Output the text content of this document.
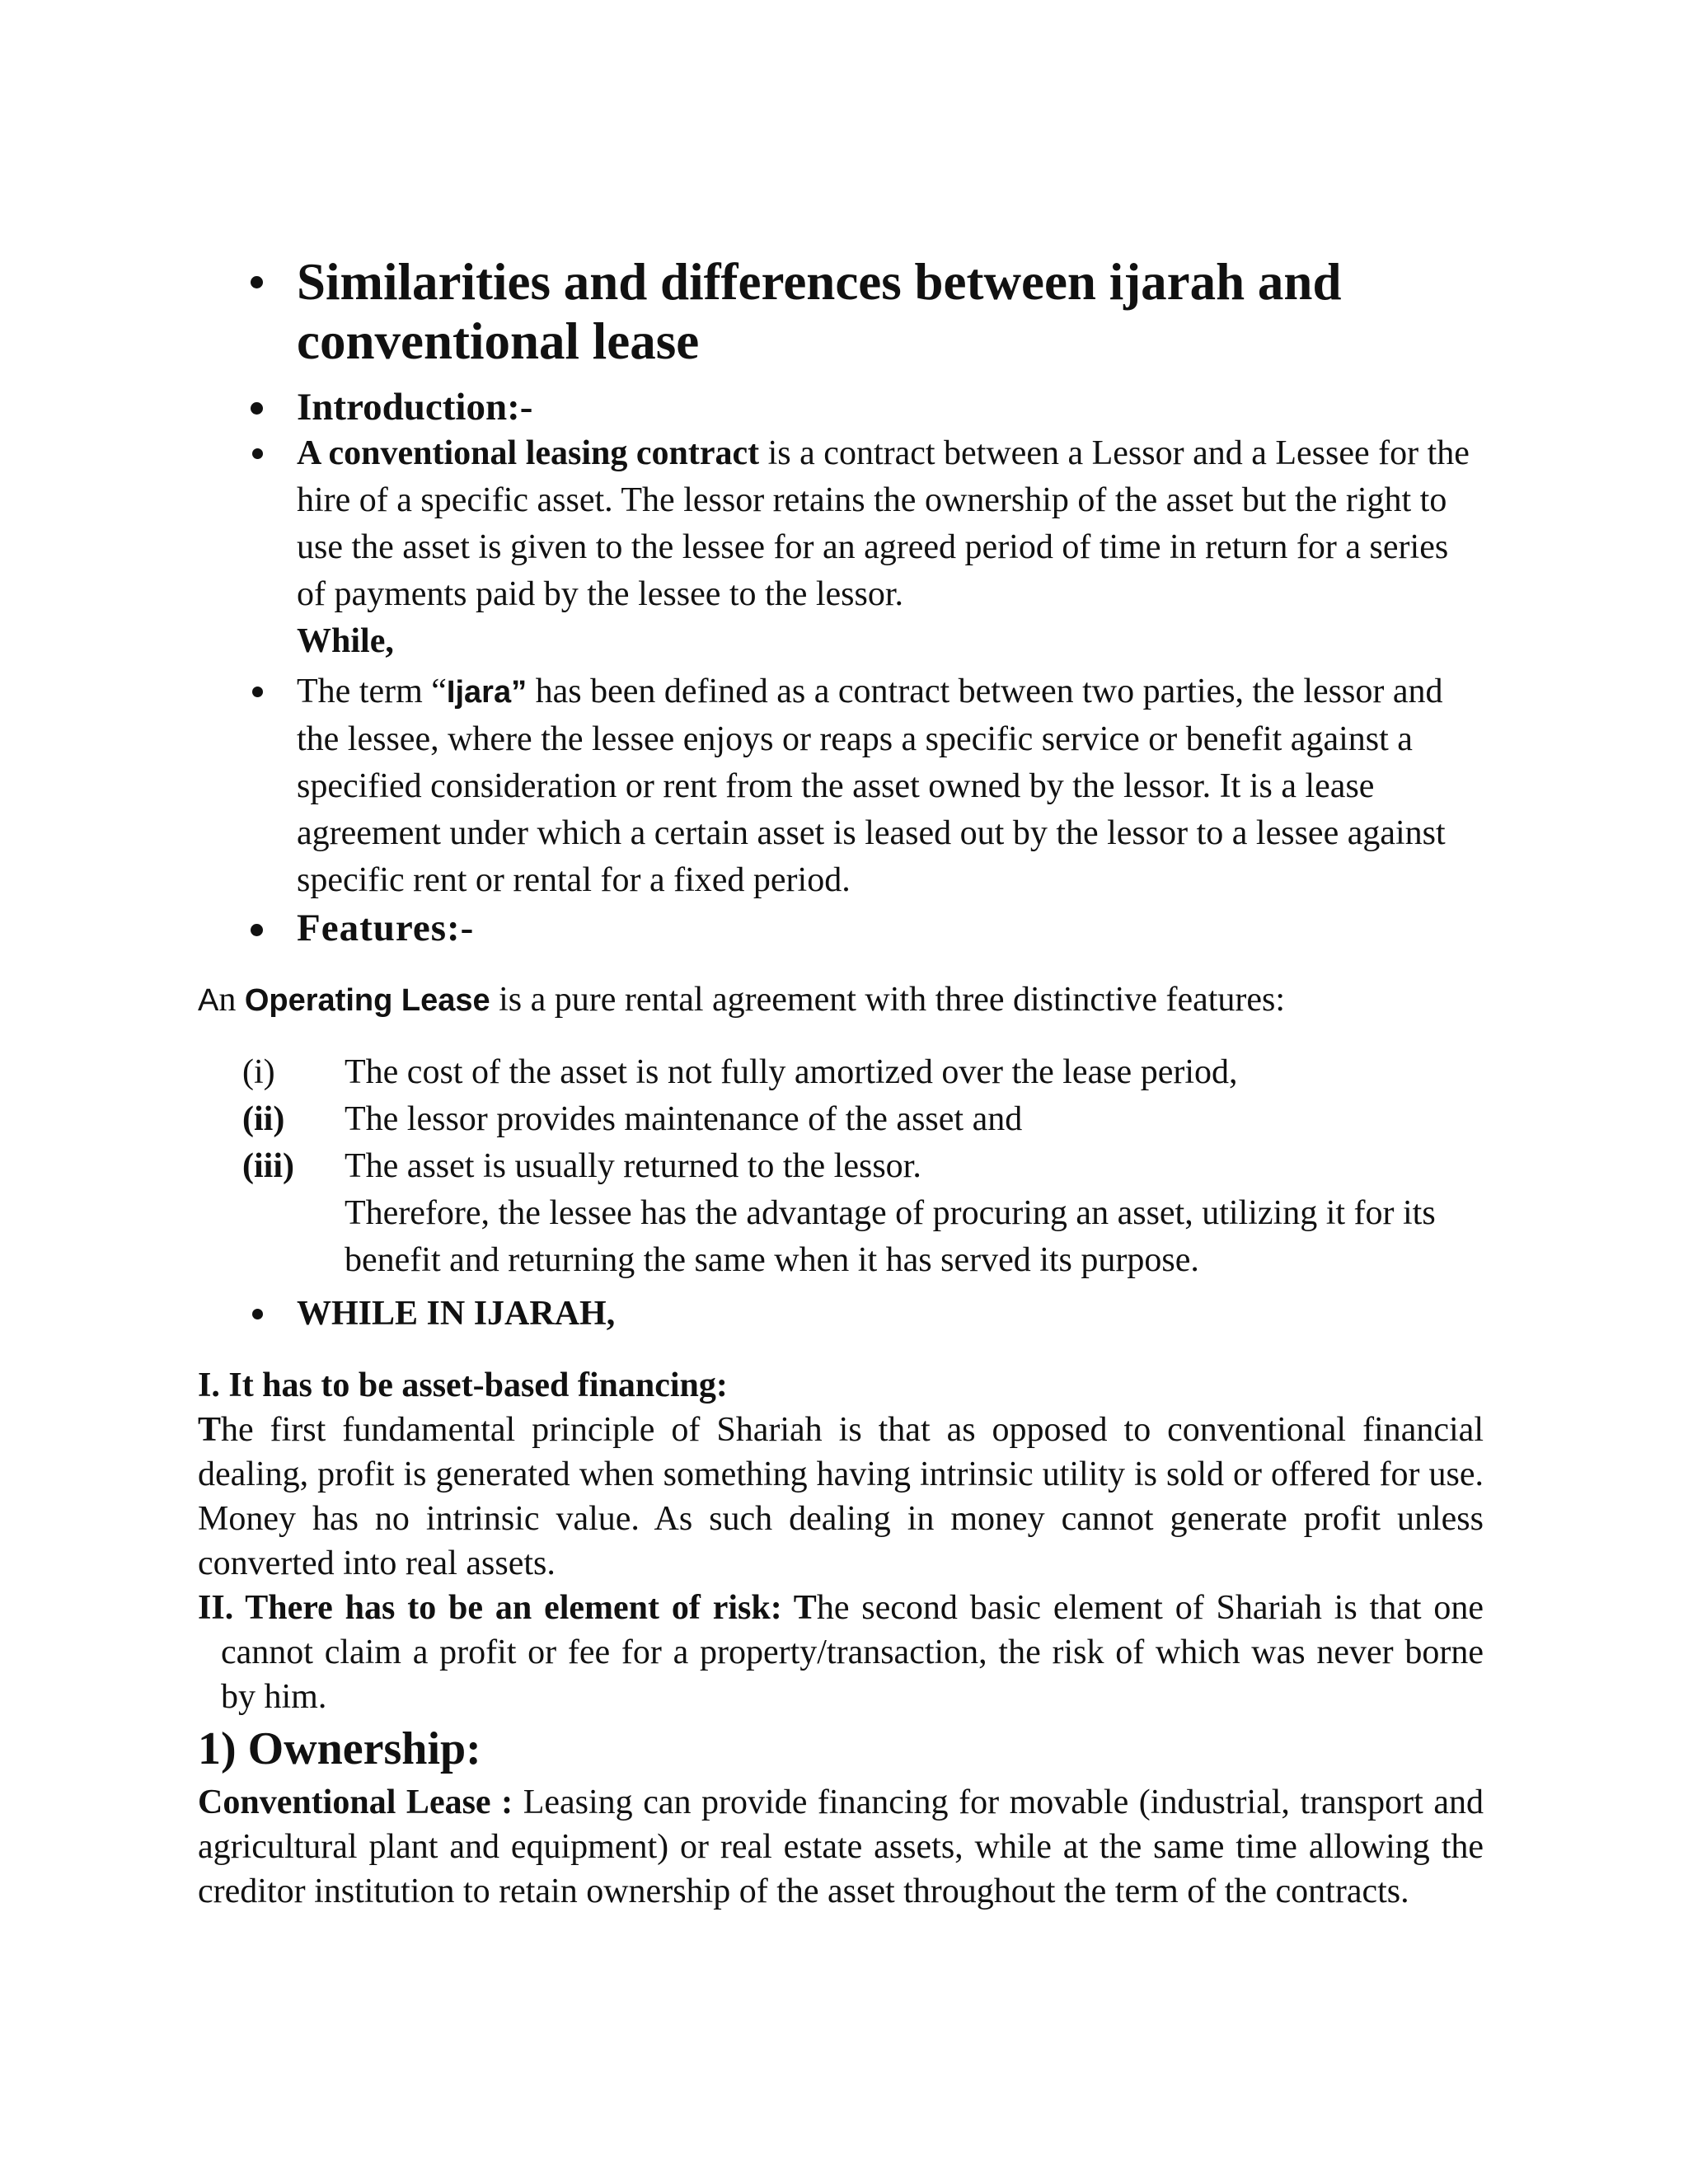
Similarities and differences between ijarah and
conventional lease
Introduction:-
A conventional leasing contract is a contract between a Lessor and a Lessee for the hire of a specific asset. The lessor retains the ownership of the asset but the right to use the asset is given to the lessee for an agreed period of time in return for a series of payments paid by the lessee to the lessor.
While,
The term “Ijara” has been defined as a contract between two parties, the lessor and the lessee, where the lessee enjoys or reaps a specific service or benefit against a specified consideration or rent from the asset owned by the lessor. It is a lease agreement under which a certain asset is leased out by the lessor to a lessee against specific rent or rental for a fixed period.
Features:-

An Operating Lease is a pure rental agreement with three distinctive features:

(i) The cost of the asset is not fully amortized over the lease period,
(ii) The lessor provides maintenance of the asset and
(iii) The asset is usually returned to the lessor.
Therefore, the lessee has the advantage of procuring an asset, utilizing it for its benefit and returning the same when it has served its purpose.
WHILE IN IJARAH,

I. It has to be asset-based financing:

The first fundamental principle of Shariah is that as opposed to conventional financial dealing, profit is generated when something having intrinsic utility is sold or offered for use. Money has no intrinsic value. As such dealing in money cannot generate profit unless converted into real assets.

II. There has to be an element of risk: The second basic element of Shariah is that one cannot claim a profit or fee for a property/transaction, the risk of which was never borne by him.

1) Ownership:

Conventional Lease : Leasing can provide financing for movable (industrial, transport and agricultural plant and equipment) or real estate assets, while at the same time allowing the creditor institution to retain ownership of the asset throughout the term of the contracts.
